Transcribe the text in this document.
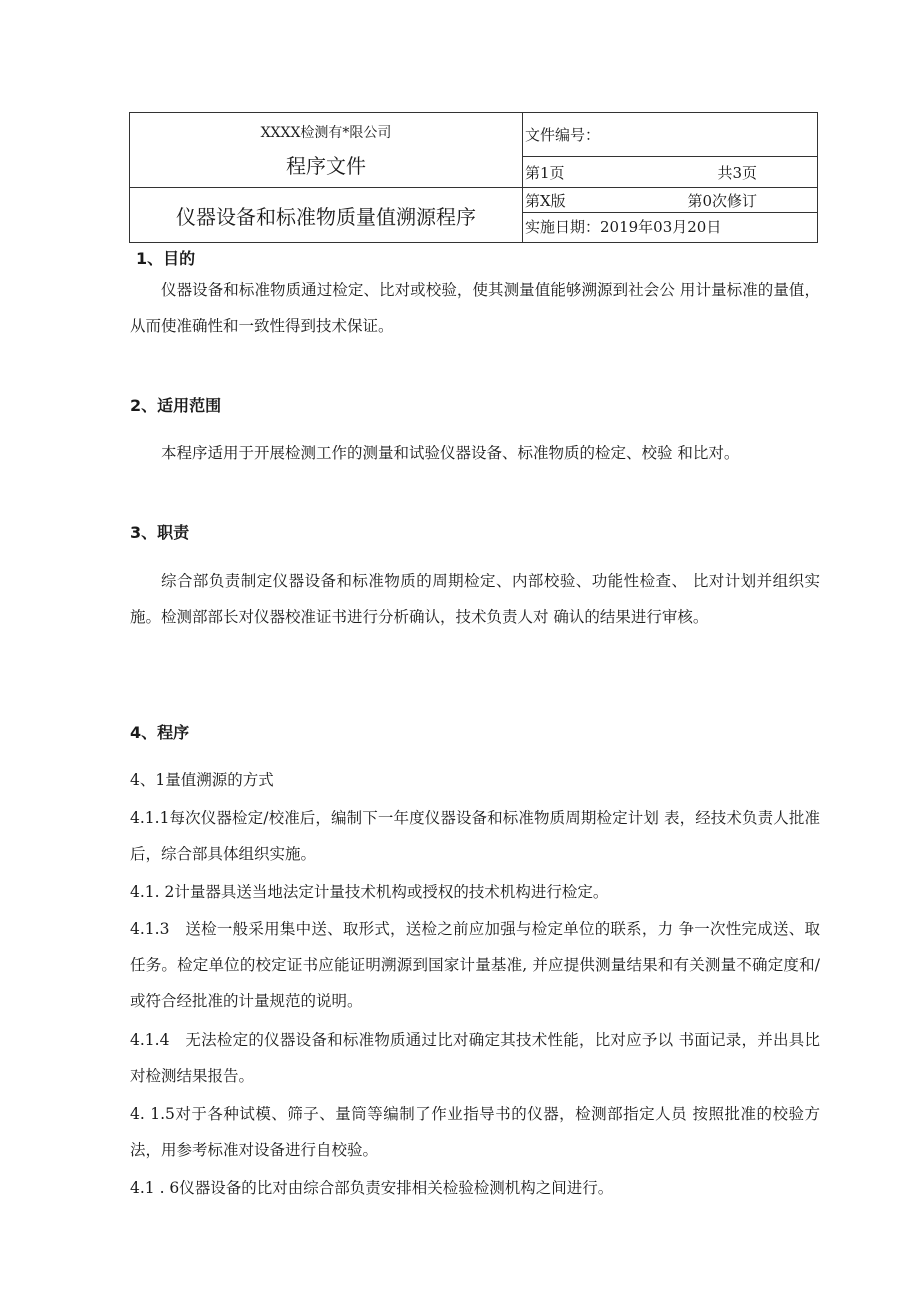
XXXX检测有*限公司
程序文件	文件编号：

	第1页 共3页

仪器设备和标准物质量值溯源程序	第X版 第0次修订
实施日期：2019年03月20日
1、目的
仪器设备和标准物质通过检定、比对或校验，使其测量值能够溯源到社会公 用计量标准的量值，从而使准确性和一致性得到技术保证。
2、适用范围
本程序适用于开展检测工作的测量和试验仪器设备、标准物质的检定、校验 和比对。
3、职责
综合部负责制定仪器设备和标准物质的周期检定、内部校验、功能性检查、 比对计划并组织实施。检测部部长对仪器校准证书进行分析确认，技术负责人对 确认的结果进行审核。
4、程序
4、1量值溯源的方式
4.1.1每次仪器检定/校准后，编制下一年度仪器设备和标准物质周期检定计划 表，经技术负责人批准后，综合部具体组织实施。
4.1. 2计量器具送当地法定计量技术机构或授权的技术机构进行检定。
4.1.3　送检一般采用集中送、取形式，送检之前应加强与检定单位的联系，力 争一次性完成送、取任务。检定单位的校定证书应能证明溯源到国家计量基准, 并应提供测量结果和有关测量不确定度和/或符合经批准的计量规范的说明。
4.1.4　无法检定的仪器设备和标准物质通过比对确定其技术性能，比对应予以 书面记录，并出具比对检测结果报告。
4. 1.5对于各种试模、筛子、量筒等编制了作业指导书的仪器，检测部指定人员 按照批准的校验方法，用参考标准对设备进行自校验。
4.1 . 6仪器设备的比对由综合部负责安排相关检验检测机构之间进行。
